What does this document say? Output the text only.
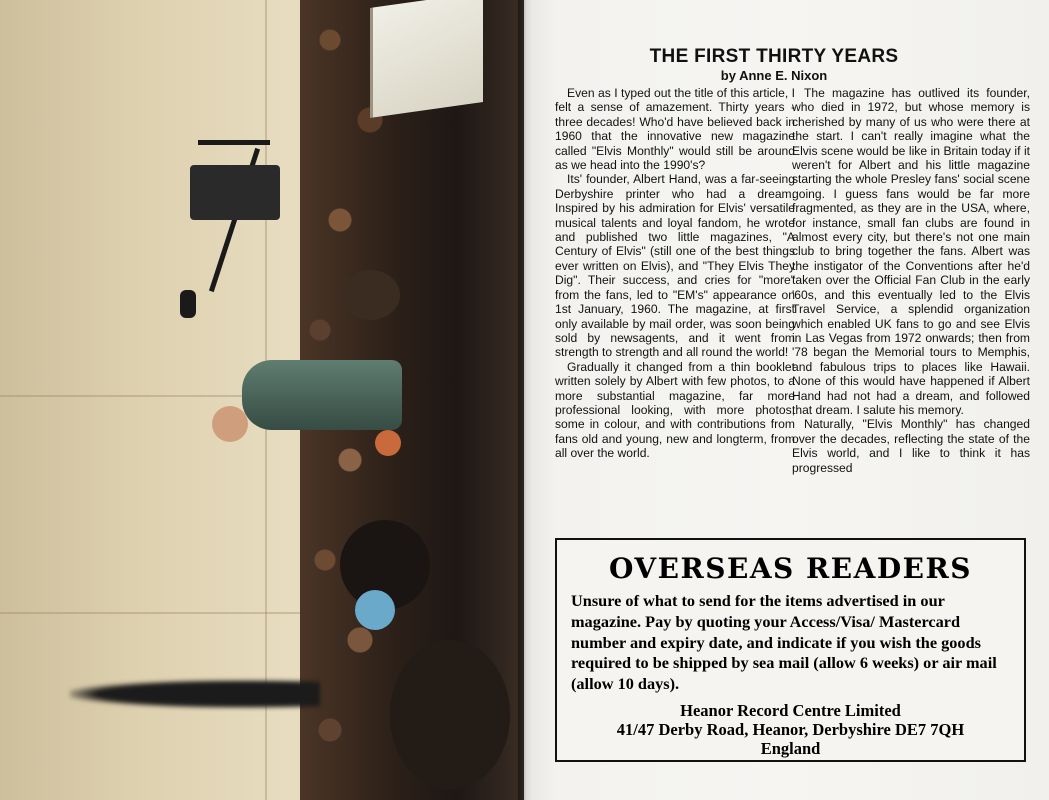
THE FIRST THIRTY YEARS
by Anne E. Nixon

Even as I typed out the title of this article, I felt a sense of amazement. Thirty years - three decades! Who'd have believed back in 1960 that the innovative new magazine called "Elvis Monthly" would still be around as we head into the 1990's?

Its' founder, Albert Hand, was a far-seeing Derbyshire printer who had a dream. Inspired by his admiration for Elvis' versatile musical talents and loyal fandom, he wrote and published two little magazines, "A Century of Elvis" (still one of the best things ever written on Elvis), and "They Elvis They Dig". Their success, and cries for "more" from the fans, led to "EM's" appearance on 1st January, 1960. The magazine, at first only available by mail order, was soon being sold by newsagents, and it went from strength to strength and all round the world!

Gradually it changed from a thin booklet written solely by Albert with few photos, to a more substantial magazine, far more professional looking, with more photos, some in colour, and with contributions from fans old and young, new and longterm, from all over the world.

The magazine has outlived its founder, who died in 1972, but whose memory is cherished by many of us who were there at the start. I can't really imagine what the Elvis scene would be like in Britain today if it weren't for Albert and his little magazine starting the whole Presley fans' social scene going. I guess fans would be far more fragmented, as they are in the USA, where, for instance, small fan clubs are found in almost every city, but there's not one main club to bring together the fans. Albert was the instigator of the Conventions after he'd taken over the Official Fan Club in the early '60s, and this eventually led to the Elvis Travel Service, a splendid organization which enabled UK fans to go and see Elvis in Las Vegas from 1972 onwards; then from '78 began the Memorial tours to Memphis, and fabulous trips to places like Hawaii. None of this would have happened if Albert Hand had not had a dream, and followed that dream. I salute his memory.

Naturally, "Elvis Monthly" has changed over the decades, reflecting the state of the Elvis world, and I like to think it has progressed

OVERSEAS READERS
Unsure of what to send for the items advertised in our magazine. Pay by quoting your Access/Visa/ Mastercard number and expiry date, and indicate if you wish the goods required to be shipped by sea mail (allow 6 weeks) or air mail (allow 10 days).
Heanor Record Centre Limited
41/47 Derby Road, Heanor, Derbyshire DE7 7QH
England
